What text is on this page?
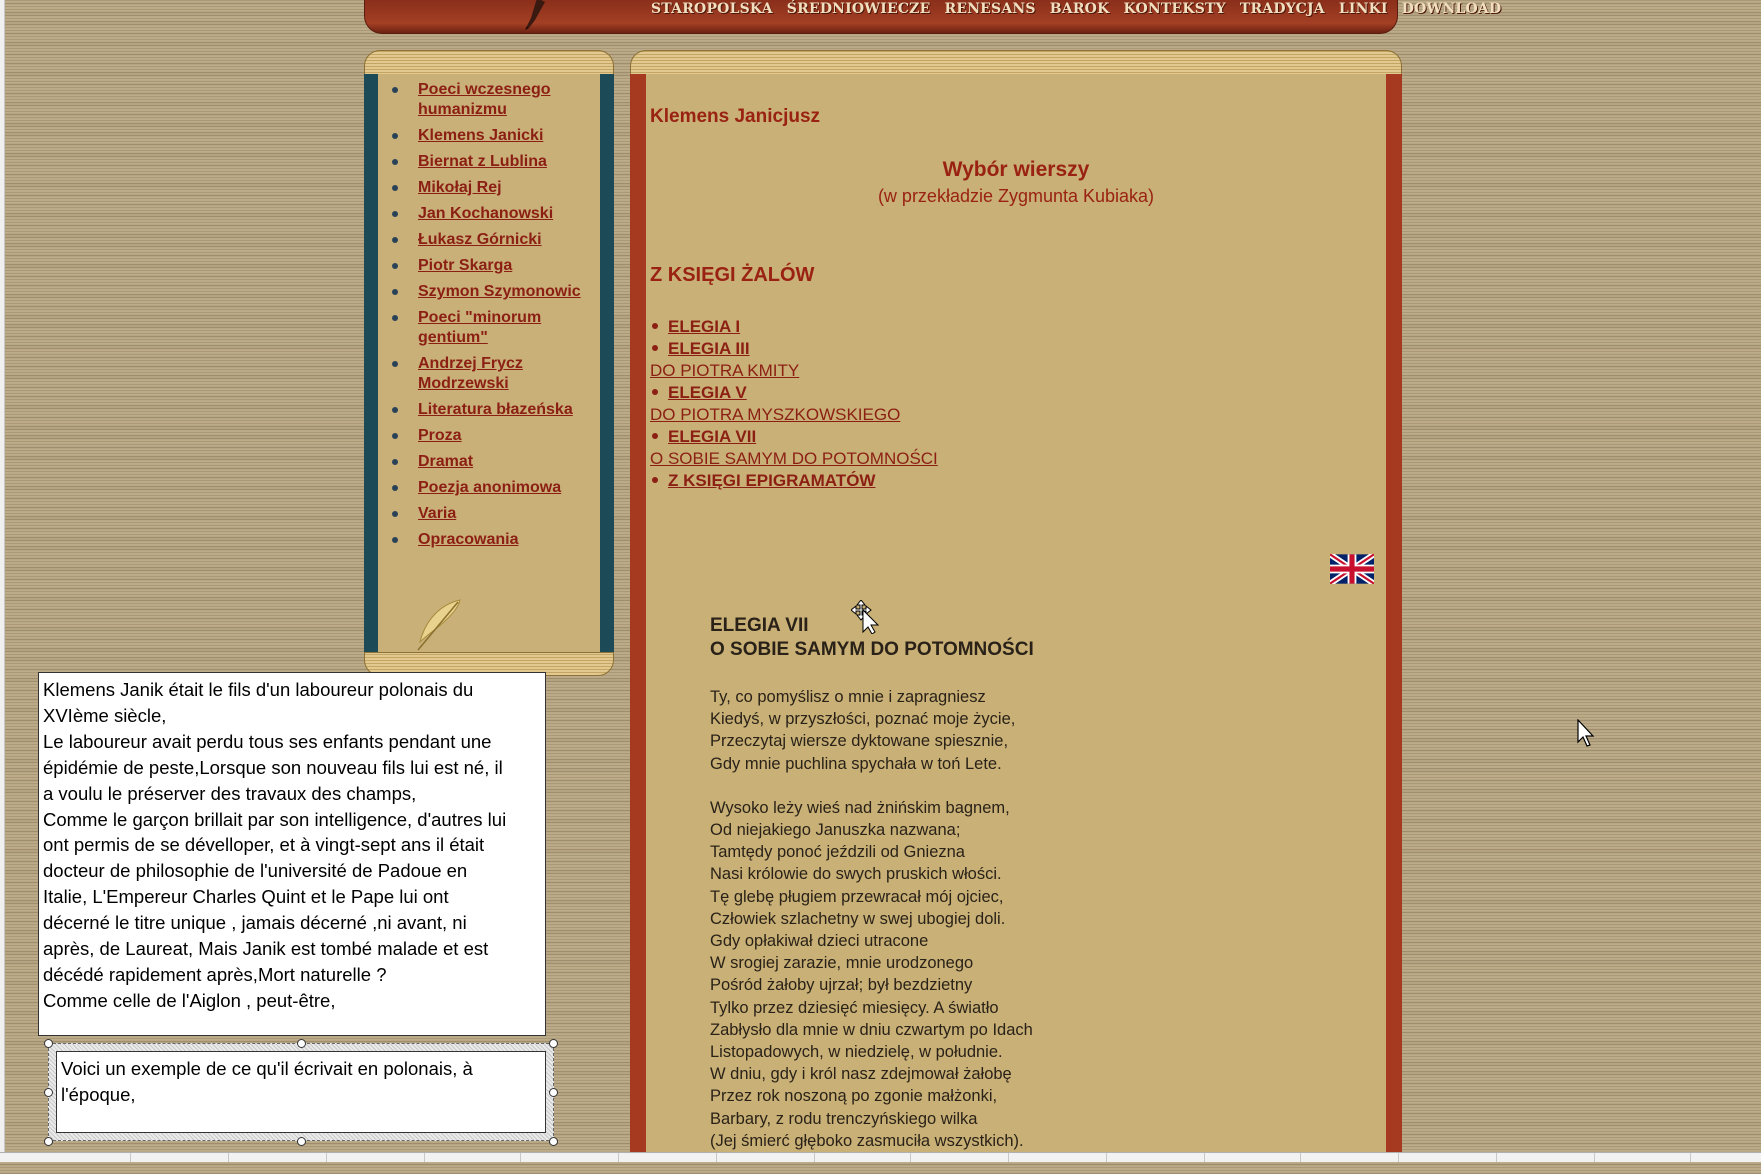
STAROPOLSKA ŚREDNIOWIECZE RENESANS BAROK KONTEKSTY TRADYCJA LINKI DOWNLOAD
Poeci wczesnego humanizmu
Klemens Janicki
Biernat z Lublina
Mikołaj Rej
Jan Kochanowski
Łukasz Górnicki
Piotr Skarga
Szymon Szymonowic
Poeci "minorum gentium"
Andrzej Frycz Modrzewski
Literatura błazeńska
Proza
Dramat
Poezja anonimowa
Varia
Opracowania
Klemens Janicjusz
Wybór wierszy
(w przekładzie Zygmunta Kubiaka)
Z KSIĘGI ŻALÓW
ELEGIA I
ELEGIA III
DO PIOTRA KMITY
ELEGIA V
DO PIOTRA MYSZKOWSKIEGO
ELEGIA VII
O SOBIE SAMYM DO POTOMNOŚCI
Z KSIĘGI EPIGRAMATÓW
ELEGIA VII
O SOBIE SAMYM DO POTOMNOŚCI
Ty, co pomyślisz o mnie i zapragniesz
Kiedyś, w przyszłości, poznać moje życie,
Przeczytaj wiersze dyktowane spiesznie,
Gdy mnie puchlina spychała w toń Lete.
Wysoko leży wieś nad żnińskim bagnem,
Od niejakiego Januszka nazwana;
Tamtędy ponoć jeździli od Gniezna
Nasi królowie do swych pruskich włości.
Tę glebę pługiem przewracał mój ojciec,
Człowiek szlachetny w swej ubogiej doli.
Gdy opłakiwał dzieci utracone
W srogiej zarazie, mnie urodzonego
Pośród żałoby ujrzał; był bezdzietny
Tylko przez dziesięć miesięcy. A światło
Zabłysło dla mnie w dniu czwartym po Idach
Listopadowych, w niedzielę, w południe.
W dniu, gdy i król nasz zdejmował żałobę
Przez rok noszoną po zgonie małżonki,
Barbary, z rodu trenczyńskiego wilka
(Jej śmierć głęboko zasmuciła wszystkich).
Klemens Janik était le fils d'un laboureur polonais du
XVIème siècle,
Le laboureur avait perdu tous ses enfants pendant une
épidémie de peste,Lorsque son nouveau fils lui est né, il
a voulu le préserver des travaux des champs,
Comme le garçon brillait par son intelligence, d'autres lui
ont permis de se dévelloper, et à vingt-sept ans il était
docteur de philosophie de l'université de Padoue en
Italie, L'Empereur Charles Quint et le Pape lui ont
décerné le titre unique , jamais décerné ,ni avant, ni
après, de Laureat, Mais Janik est tombé malade et est
décédé rapidement après,Mort naturelle ?
Comme celle de l'Aiglon , peut-être,
Voici un exemple de ce qu'il écrivait en polonais, à
l'époque,
